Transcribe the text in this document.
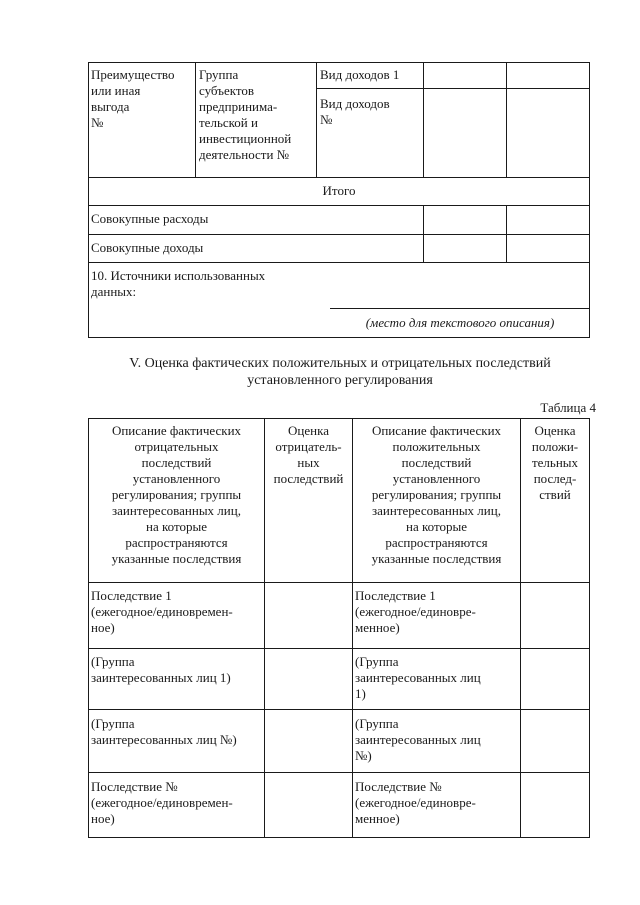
Преимущество
или иная
выгода
№
Группа
субъектов
предпринима-
тельской и
инвестиционной
деятельности №
Вид доходов 1
Вид доходов
№
Итого
Совокупные расходы
Совокупные доходы
10. Источники использованных
данных:
(место для текстового описания)
V. Оценка фактических положительных и отрицательных последствий
установленного регулирования
Таблица 4
Описание фактических
отрицательных
последствий
установленного
регулирования; группы
заинтересованных лиц,
на которые
распространяются
указанные последствия
Оценка
отрицатель-
ных
последствий
Описание фактических
положительных
последствий
установленного
регулирования; группы
заинтересованных лиц,
на которые
распространяются
указанные последствия
Оценка
положи-
тельных
послед-
ствий
Последствие 1
(ежегодное/единовремен-
ное)
Последствие 1
(ежегодное/единовре-
менное)
(Группа
заинтересованных лиц 1)
(Группа
заинтересованных лиц
1)
(Группа
заинтересованных лиц №)
(Группа
заинтересованных лиц
№)
Последствие №
(ежегодное/единовремен-
ное)
Последствие №
(ежегодное/единовре-
менное)
